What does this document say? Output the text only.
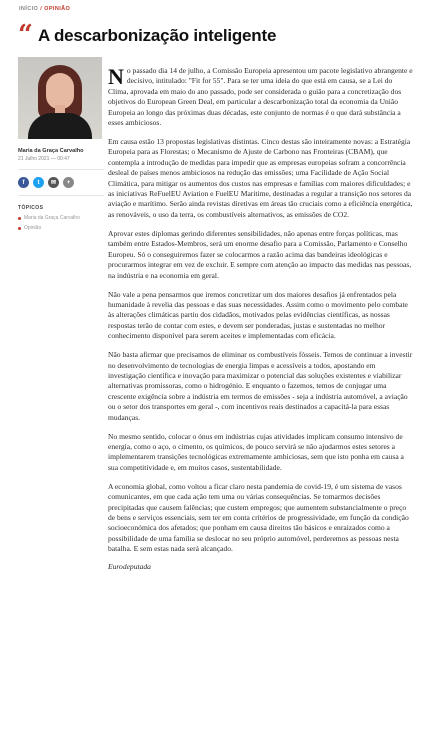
INÍCIO / OPINIÃO
“ A descarbonização inteligente
Maria da Graça Carvalho
21 Julho 2021 — 00:47
f	t	✉	+
TÓPICOS
Maria da Graça Carvalho
Opinião

No passado dia 14 de julho, a Comissão Europeia apresentou um pacote legislativo abrangente e decisivo, intitulado: "Fit for 55". Para se ter uma ideia do que está em causa, se a Lei do Clima, aprovada em maio do ano passado, pode ser considerada o guião para a concretização dos objetivos do European Green Deal, em particular a descarbonização total da economia da União Europeia ao longo das próximas duas décadas, este conjunto de normas é o que dará substância a esses ambiciosos.

Em causa estão 13 propostas legislativas distintas. Cinco destas são inteiramente novas: a Estratégia Europeia para as Florestas; o Mecanismo de Ajuste de Carbono nas Fronteiras (CBAM), que contempla a introdução de medidas para impedir que as empresas europeias sofram a concorrência desleal de países menos ambiciosos na redução das emissões; uma Facilidade de Ação Social Climática, para mitigar os aumentos dos custos nas empresas e famílias com maiores dificuldades; e as iniciativas ReFuelEU Aviation e FuelEU Maritime, destinadas a regular a transição nos setores da aviação e marítimo. Serão ainda revistas diretivas em áreas tão cruciais como a eficiência energética, as renováveis, o uso da terra, os combustíveis alternativos, as emissões de CO2.

Aprovar estes diplomas gerindo diferentes sensibilidades, não apenas entre forças políticas, mas também entre Estados-Membros, será um enorme desafio para a Comissão, Parlamento e Conselho Europeu. Só o conseguiremos fazer se colocarmos a razão acima das bandeiras ideológicas e procurarmos integrar em vez de excluir. E sempre com atenção ao impacto das medidas nas pessoas, na indústria e na economia em geral.

Não vale a pena pensarmos que iremos concretizar um dos maiores desafios já enfrentados pela humanidade à revelia das pessoas e das suas necessidades. Assim como o movimento pelo combate às alterações climáticas partiu dos cidadãos, motivados pelas evidências científicas, as nossas respostas terão de contar com estes, e devem ser ponderadas, justas e sustentadas no melhor conhecimento disponível para serem aceites e implementadas com eficácia.

Não basta afirmar que precisamos de eliminar os combustíveis fósseis. Temos de continuar a investir no desenvolvimento de tecnologias de energia limpas e acessíveis a todos, apostando em investigação científica e inovação para maximizar o potencial das soluções existentes e viabilizar alternativas promissoras, como o hidrogénio. E enquanto o fazemos, temos de conjugar uma crescente exigência sobre a indústria em termos de emissões - seja a indústria automóvel, a aviação ou o setor dos transportes em geral -, com incentivos reais destinados a capacitá-la para essas mudanças.

No mesmo sentido, colocar o ónus em indústrias cujas atividades implicam consumo intensivo de energia, como o aço, o cimento, os químicos, de pouco servirá se não ajudarmos estes setores a implementarem transições tecnológicas extremamente ambiciosas, sem que isto ponha em causa a sua competitividade e, em muitos casos, sustentabilidade.

A economia global, como voltou a ficar claro nesta pandemia de covid-19, é um sistema de vasos comunicantes, em que cada ação tem uma ou várias consequências. Se tomarmos decisões precipitadas que causem falências; que custem empregos; que aumentem substancialmente o preço de bens e serviços essenciais, sem ter em conta critérios de progressividade, em função da condição socioeconómica dos afetados; que ponham em causa direitos tão básicos e enraizados como a possibilidade de uma família se deslocar no seu próprio automóvel, perderemos as pessoas nesta batalha. E sem estas nada será alcançado.

Eurodeputada
